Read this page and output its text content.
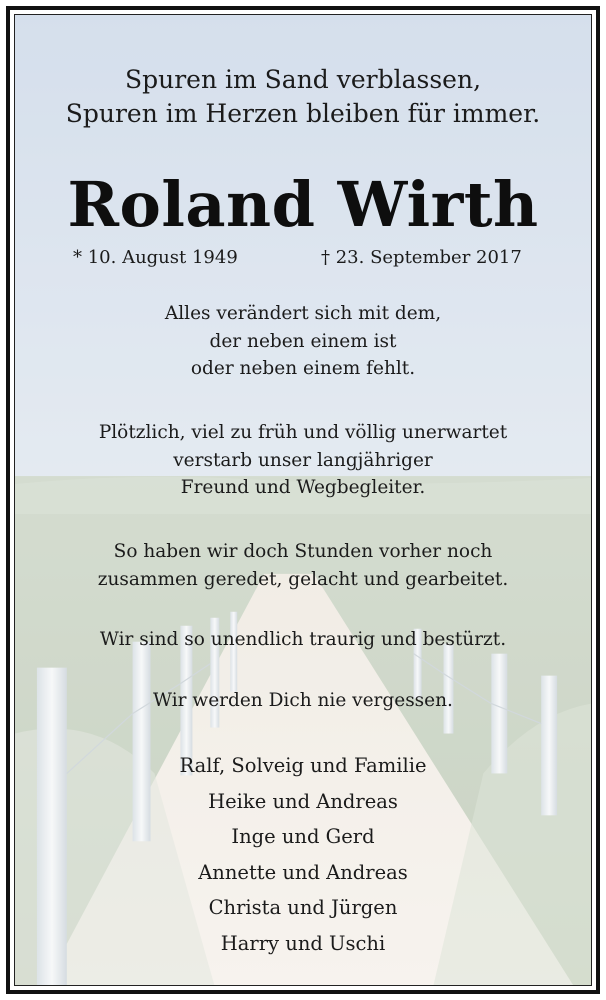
Spuren im Sand verblassen,
Spuren im Herzen bleiben für immer.
Roland Wirth
* 10. August 1949	† 23. September 2017
Alles verändert sich mit dem,
der neben einem ist
oder neben einem fehlt.
Plötzlich, viel zu früh und völlig unerwartet
verstarb unser langjähriger
Freund und Wegbegleiter.
So haben wir doch Stunden vorher noch
zusammen geredet, gelacht und gearbeitet.
Wir sind so unendlich traurig und bestürzt.
Wir werden Dich nie vergessen.
Ralf, Solveig und Familie
Heike und Andreas
Inge und Gerd
Annette und Andreas
Christa und Jürgen
Harry und Uschi
